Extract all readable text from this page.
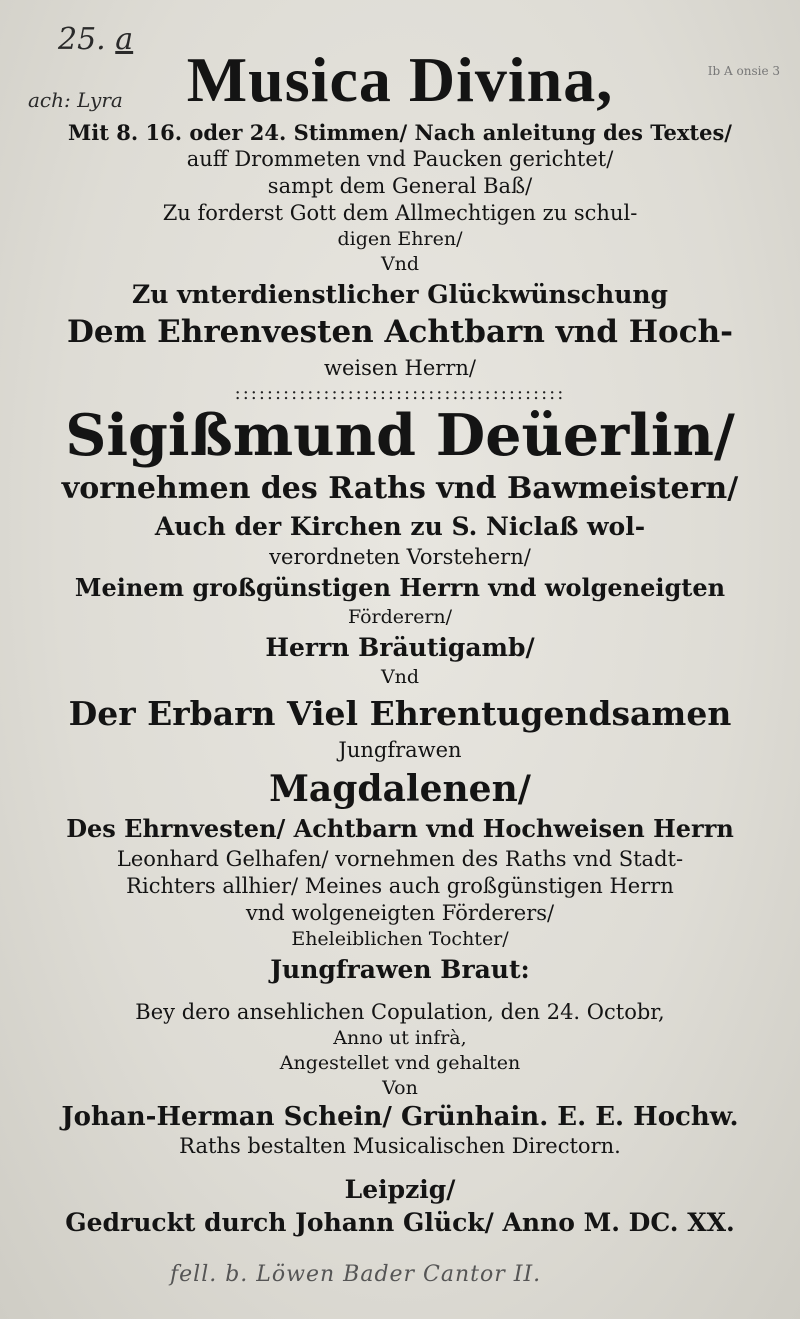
25. a
ach: Lyra
Ib A onsie 3
Musica Divina,
Mit 8. 16. oder 24. Stimmen/ Nach anleitung des Textes/
auff Drommeten vnd Paucken gerichtet/
sampt dem General Baß/
Zu forderst Gott dem Allmechtigen zu schul-
digen Ehren/
Vnd
Zu vnterdienstlicher Glückwünschung
Dem Ehrenvesten Achtbarn vnd Hoch-
weisen Herrn/
:::::::::::::::::::::::::::::::::::::::::
Sigißmund Deüerlin/
vornehmen des Raths vnd Bawmeistern/
Auch der Kirchen zu S. Niclaß wol-
verordneten Vorstehern/
Meinem großgünstigen Herrn vnd wolgeneigten
Förderern/
Herrn Bräutigamb/
Vnd
Der Erbarn Viel Ehrentugendsamen
Jungfrawen
Magdalenen/
Des Ehrnvesten/ Achtbarn vnd Hochweisen Herrn
Leonhard Gelhafen/ vornehmen des Raths vnd Stadt-
Richters allhier/ Meines auch großgünstigen Herrn
vnd wolgeneigten Förderers/
Eheleiblichen Tochter/
Jungfrawen Braut:
Bey dero ansehlichen Copulation, den 24. Octobr,
Anno ut infrà,
Angestellet vnd gehalten
Von
Johan-Herman Schein/ Grünhain. E. E. Hochw.
Raths bestalten Musicalischen Directorn.
Leipzig/
Gedruckt durch Johann Glück/ Anno M. DC. XX.
fell. b. Löwen Bader Cantor II.
